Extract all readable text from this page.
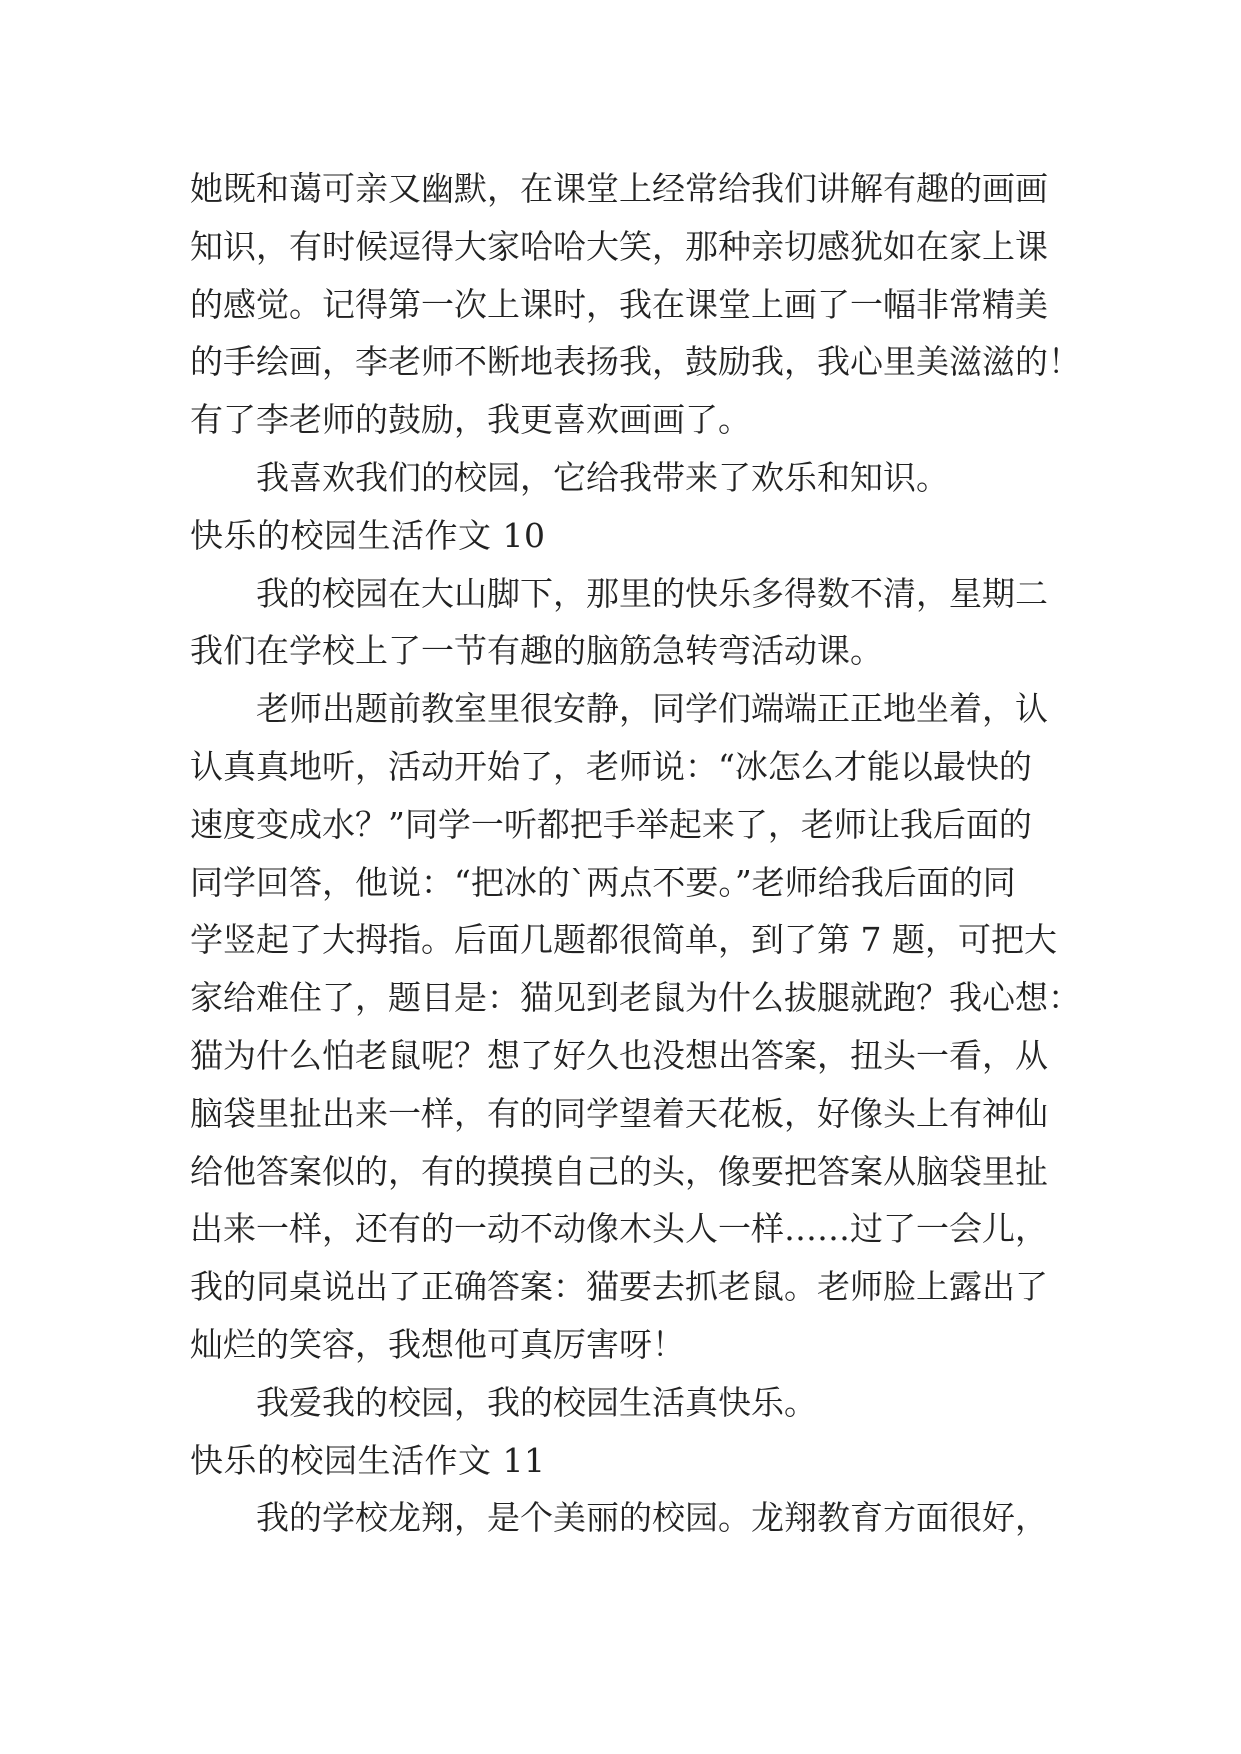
她既和蔼可亲又幽默，在课堂上经常给我们讲解有趣的画画
知识，有时候逗得大家哈哈大笑，那种亲切感犹如在家上课
的感觉。记得第一次上课时，我在课堂上画了一幅非常精美
的手绘画，李老师不断地表扬我，鼓励我，我心里美滋滋的！
有了李老师的鼓励，我更喜欢画画了。
我喜欢我们的校园，它给我带来了欢乐和知识。
快乐的校园生活作文 10
我的校园在大山脚下，那里的快乐多得数不清，星期二
我们在学校上了一节有趣的脑筋急转弯活动课。
老师出题前教室里很安静，同学们端端正正地坐着，认
认真真地听，活动开始了，老师说：“冰怎么才能以最快的
速度变成水？”同学一听都把手举起来了，老师让我后面的
同学回答，他说：“把冰的`两点不要。”老师给我后面的同
学竖起了大拇指。后面几题都很简单，到了第 7 题，可把大
家给难住了，题目是：猫见到老鼠为什么拔腿就跑？我心想：
猫为什么怕老鼠呢？想了好久也没想出答案，扭头一看，从
脑袋里扯出来一样，有的同学望着天花板，好像头上有神仙
给他答案似的，有的摸摸自己的头，像要把答案从脑袋里扯
出来一样，还有的一动不动像木头人一样……过了一会儿，
我的同桌说出了正确答案：猫要去抓老鼠。老师脸上露出了
灿烂的笑容，我想他可真厉害呀！
我爱我的校园，我的校园生活真快乐。
快乐的校园生活作文 11
我的学校龙翔，是个美丽的校园。龙翔教育方面很好，
